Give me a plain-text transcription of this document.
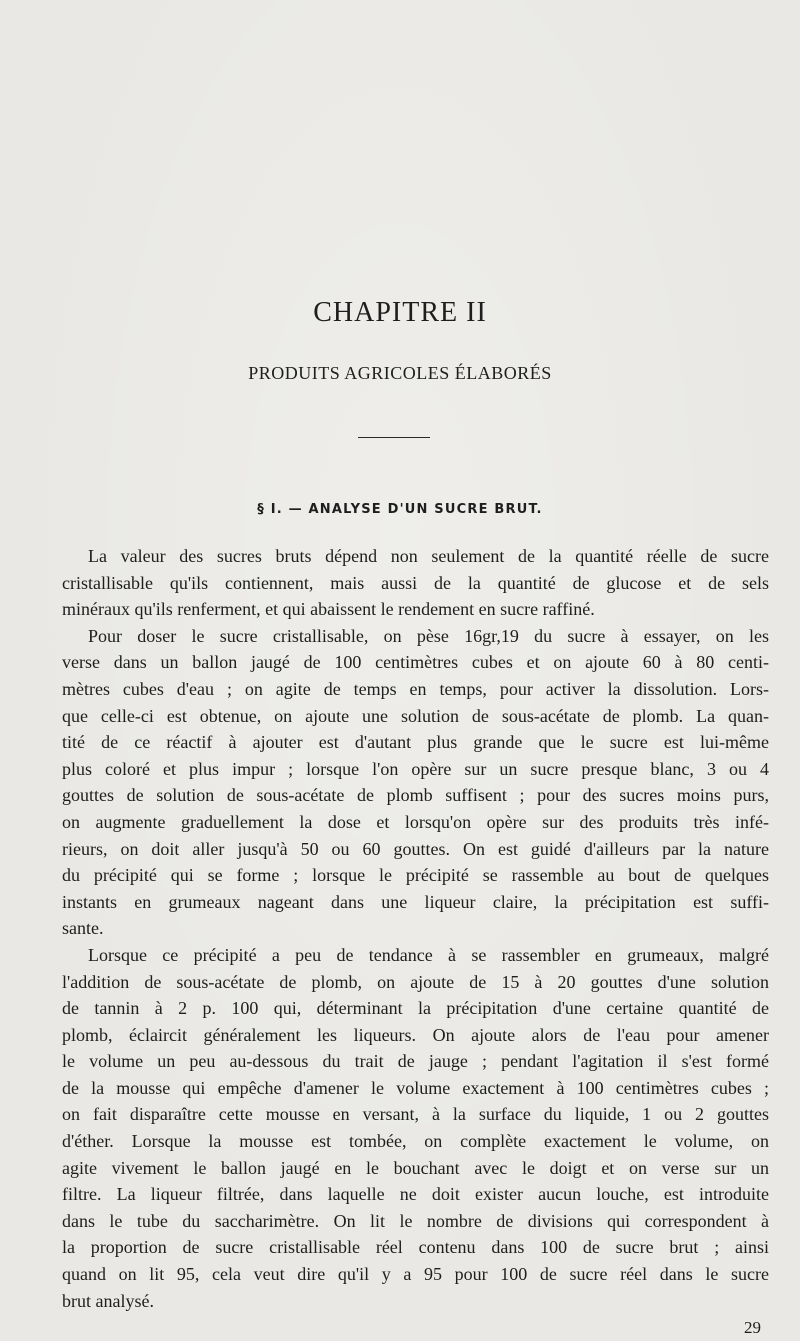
CHAPITRE II
PRODUITS AGRICOLES ÉLABORÉS
§ I. — ANALYSE D'UN SUCRE BRUT.
La valeur des sucres bruts dépend non seulement de la quantité réelle de sucre
cristallisable qu'ils contiennent, mais aussi de la quantité de glucose et de sels
minéraux qu'ils renferment, et qui abaissent le rendement en sucre raffiné.
Pour doser le sucre cristallisable, on pèse 16gr,19 du sucre à essayer, on les
verse dans un ballon jaugé de 100 centimètres cubes et on ajoute 60 à 80 centi-
mètres cubes d'eau ; on agite de temps en temps, pour activer la dissolution. Lors-
que celle-ci est obtenue, on ajoute une solution de sous-acétate de plomb. La quan-
tité de ce réactif à ajouter est d'autant plus grande que le sucre est lui-même
plus coloré et plus impur ; lorsque l'on opère sur un sucre presque blanc, 3 ou 4
gouttes de solution de sous-acétate de plomb suffisent ; pour des sucres moins purs,
on augmente graduellement la dose et lorsqu'on opère sur des produits très infé-
rieurs, on doit aller jusqu'à 50 ou 60 gouttes. On est guidé d'ailleurs par la nature
du précipité qui se forme ; lorsque le précipité se rassemble au bout de quelques
instants en grumeaux nageant dans une liqueur claire, la précipitation est suffi-
sante.
Lorsque ce précipité a peu de tendance à se rassembler en grumeaux, malgré
l'addition de sous-acétate de plomb, on ajoute de 15 à 20 gouttes d'une solution
de tannin à 2 p. 100 qui, déterminant la précipitation d'une certaine quantité de
plomb, éclaircit généralement les liqueurs. On ajoute alors de l'eau pour amener
le volume un peu au-dessous du trait de jauge ; pendant l'agitation il s'est formé
de la mousse qui empêche d'amener le volume exactement à 100 centimètres cubes ;
on fait disparaître cette mousse en versant, à la surface du liquide, 1 ou 2 gouttes
d'éther. Lorsque la mousse est tombée, on complète exactement le volume, on
agite vivement le ballon jaugé en le bouchant avec le doigt et on verse sur un
filtre. La liqueur filtrée, dans laquelle ne doit exister aucun louche, est introduite
dans le tube du saccharimètre. On lit le nombre de divisions qui correspondent à
la proportion de sucre cristallisable réel contenu dans 100 de sucre brut ; ainsi
quand on lit 95, cela veut dire qu'il y a 95 pour 100 de sucre réel dans le sucre
brut analysé.
29
